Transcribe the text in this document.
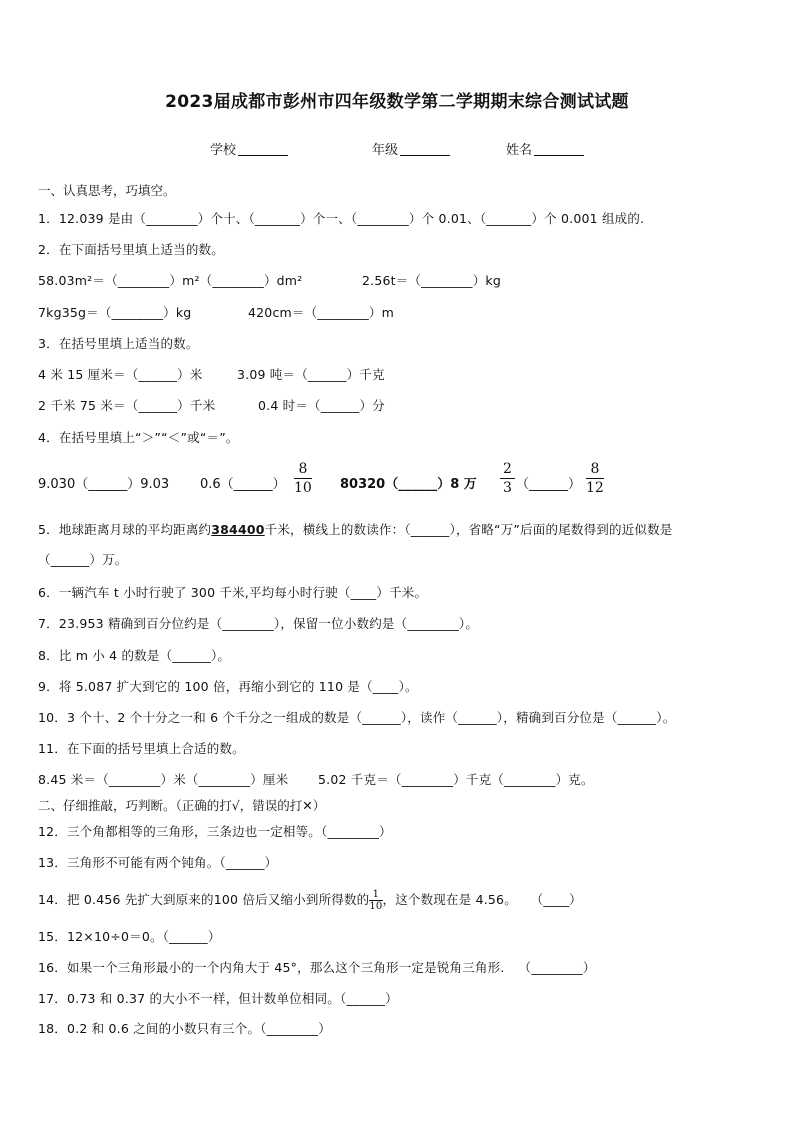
2023届成都市彭州市四年级数学第二学期期末综合测试试题
学校	年级	姓名
一、认真思考，巧填空。
1．12.039 是由（________）个十、（_______）个一、（________）个 0.01、（_______）个 0.001 组成的.
2．在下面括号里填上适当的数。
58.03m²＝（________）m²（________）dm²	2.56t＝（________）kg
7kg35g＝（________）kg	420cm＝（________）m
3．在括号里填上适当的数。
4 米 15 厘米＝（______）米	3.09 吨＝（______）千克
2 千米 75 米＝（______）千米	0.4 时＝（______）分
4．在括号里填上“＞”“＜”或“＝”。
9.030（______）9.03 0.6（______） $\frac{8}{10}$ 80320（______）8 万 $\frac{2}{3}$ （______） $\frac{8}{12}$
5．地球距离月球的平均距离约384400千米，横线上的数读作：（______），省略“万”后面的尾数得到的近似数是
（______）万。
6．一辆汽车 t 小时行驶了 300 千米,平均每小时行驶（____）千米。
7．23.953 精确到百分位约是（________），保留一位小数约是（________）。
8．比 m 小 4 的数是（______）。
9．将 5.087 扩大到它的 100 倍，再缩小到它的 110 是（____）。
10．3 个十、2 个十分之一和 6 个千分之一组成的数是（______），读作（______），精确到百分位是（______）。
11．在下面的括号里填上合适的数。
8.45 米＝（________）米（________）厘米 5.02 千克＝（________）千克（________）克。
二、仔细推敲，巧判断。（正确的打√，错误的打✕）
12．三个角都相等的三角形，三条边也一定相等。（________）
13．三角形不可能有两个钝角。（______）
14．把 0.456 先扩大到原来的100 倍后又缩小到所得数的 $\frac{1}{10}$ ，这个数现在是 4.56。 （____）
15．12×10÷0＝0。（______）
16．如果一个三角形最小的一个内角大于 45°，那么这个三角形一定是锐角三角形. （________）
17．0.73 和 0.37 的大小不一样，但计数单位相同。（______）
18．0.2 和 0.6 之间的小数只有三个。（________）
